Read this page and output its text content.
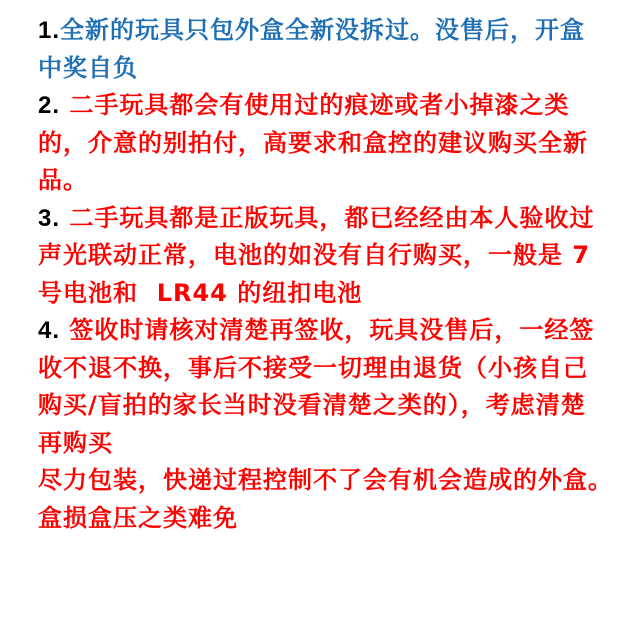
1.全新的玩具只包外盒全新没拆过。没售后，开盒
中奖自负
2. 二手玩具都会有使用过的痕迹或者小掉漆之类
的，介意的别拍付，高要求和盒控的建议购买全新
品。
3. 二手玩具都是正版玩具，都已经经由本人验收过
声光联动正常，电池的如没有自行购买，一般是 7
号电池和  LR44 的纽扣电池
4. 签收时请核对清楚再签收，玩具没售后，一经签
收不退不换，事后不接受一切理由退货（小孩自己
购买/盲拍的家长当时没看清楚之类的），考虑清楚
再购买
尽力包装，快递过程控制不了会有机会造成的外盒。
盒损盒压之类难免
